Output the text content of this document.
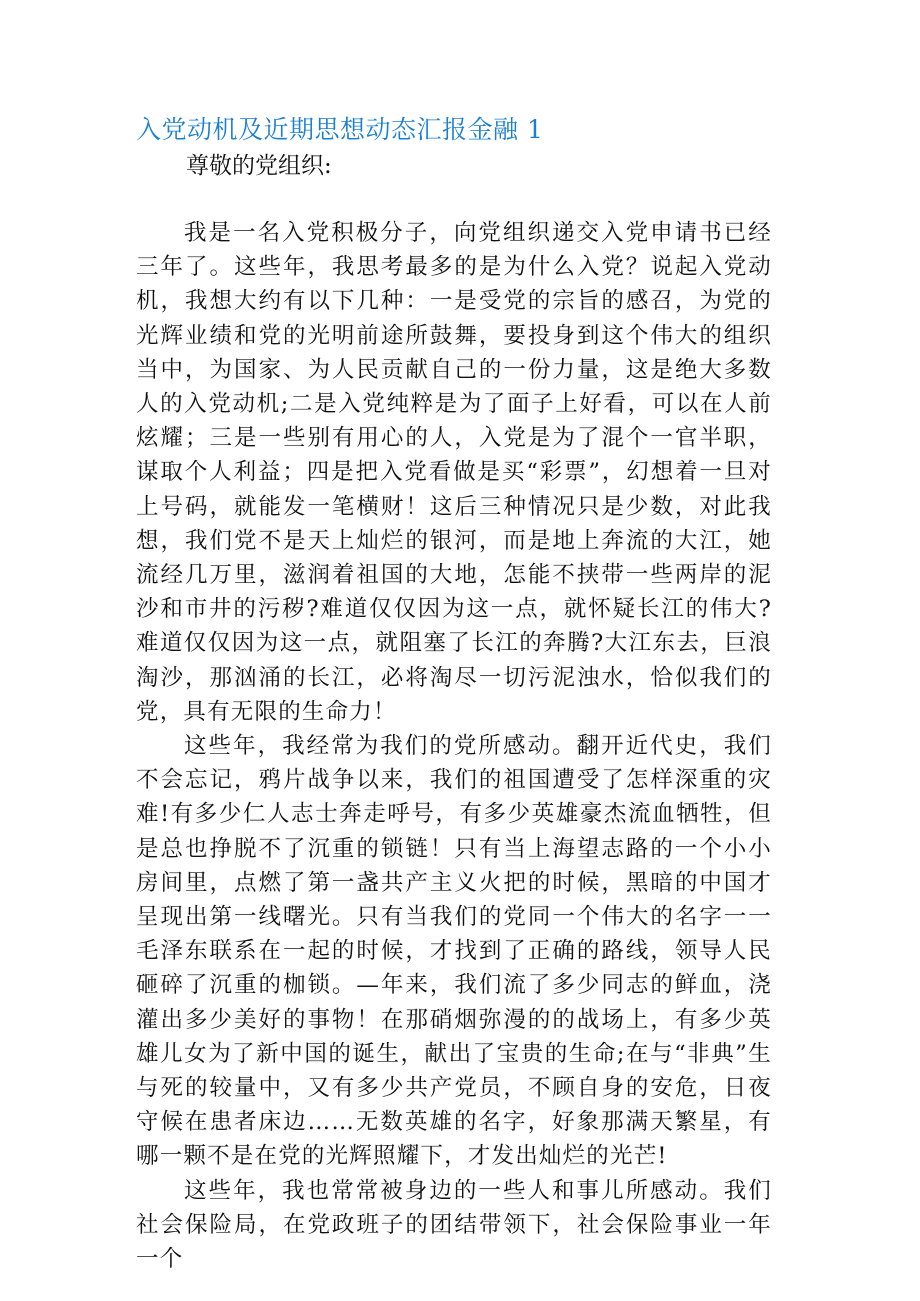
入党动机及近期思想动态汇报金融 1

尊敬的党组织:

我是一名入党积极分子，向党组织递交入党申请书已经三年了。这些年，我思考最多的是为什么入党？说起入党动机，我想大约有以下几种：一是受党的宗旨的感召，为党的光辉业绩和党的光明前途所鼓舞，要投身到这个伟大的组织当中，为国家、为人民贡献自己的一份力量，这是绝大多数人的入党动机;二是入党纯粹是为了面子上好看，可以在人前炫耀；三是一些别有用心的人，入党是为了混个一官半职，谋取个人利益；四是把入党看做是买“彩票”，幻想着一旦对上号码，就能发一笔横财！这后三种情况只是少数，对此我想，我们党不是天上灿烂的银河，而是地上奔流的大江，她流经几万里，滋润着祖国的大地，怎能不挟带一些两岸的泥沙和市井的污秽?难道仅仅因为这一点，就怀疑长江的伟大?难道仅仅因为这一点，就阻塞了长江的奔腾?大江东去，巨浪淘沙，那汹涌的长江，必将淘尽一切污泥浊水，恰似我们的党，具有无限的生命力！

这些年，我经常为我们的党所感动。翻开近代史，我们不会忘记，鸦片战争以来，我们的祖国遭受了怎样深重的灾难!有多少仁人志士奔走呼号，有多少英雄豪杰流血牺牲，但是总也挣脱不了沉重的锁链！只有当上海望志路的一个小小房间里，点燃了第一盏共产主义火把的时候，黑暗的中国才呈现出第一线曙光。只有当我们的党同一个伟大的名字一一毛泽东联系在一起的时候，才找到了正确的路线，领导人民砸碎了沉重的枷锁。—年来，我们流了多少同志的鲜血，浇灌出多少美好的事物！在那硝烟弥漫的的战场上，有多少英雄儿女为了新中国的诞生，献出了宝贵的生命;在与“非典”生与死的较量中，又有多少共产党员，不顾自身的安危，日夜守候在患者床边……无数英雄的名字，好象那满天繁星，有哪一颗不是在党的光辉照耀下，才发出灿烂的光芒!

这些年，我也常常被身边的一些人和事儿所感动。我们社会保险局，在党政班子的团结带领下，社会保险事业一年一个
